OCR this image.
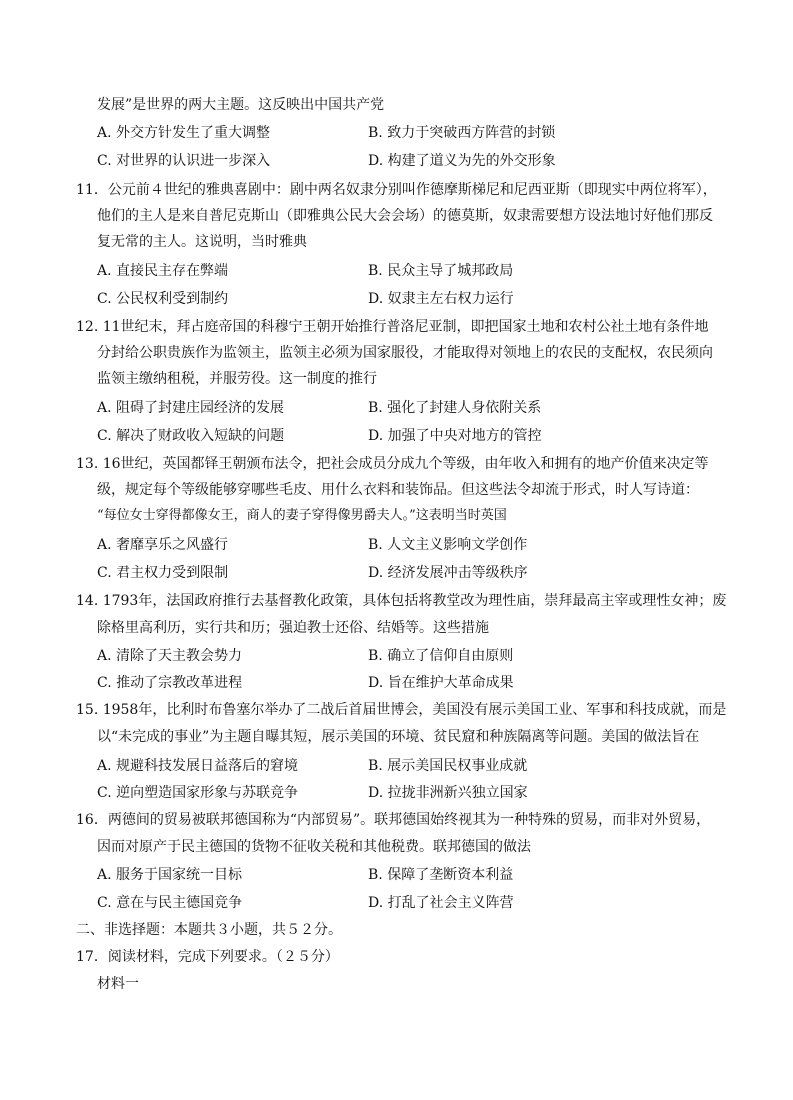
发展”是世界的两大主题。这反映出中国共产党
A. 外交方针发生了重大调整	B. 致力于突破西方阵营的封锁
C. 对世界的认识进一步深入	D. 构建了道义为先的外交形象
11．公元前４世纪的雅典喜剧中：剧中两名奴隶分别叫作德摩斯梯尼和尼西亚斯（即现实中两位将军），
他们的主人是来自普尼克斯山（即雅典公民大会会场）的德莫斯，奴隶需要想方设法地讨好他们那反
复无常的主人。这说明，当时雅典
A. 直接民主存在弊端	B. 民众主导了城邦政局
C. 公民权利受到制约	D. 奴隶主左右权力运行
12. 11世纪末，拜占庭帝国的科穆宁王朝开始推行普洛尼亚制，即把国家土地和农村公社土地有条件地
分封给公职贵族作为监领主，监领主必须为国家服役，才能取得对领地上的农民的支配权，农民须向
监领主缴纳租税，并服劳役。这一制度的推行
A. 阻碍了封建庄园经济的发展	B. 强化了封建人身依附关系
C. 解决了财政收入短缺的问题	D. 加强了中央对地方的管控
13. 16世纪，英国都铎王朝颁布法令，把社会成员分成九个等级，由年收入和拥有的地产价值来决定等
级，规定每个等级能够穿哪些毛皮、用什么衣料和装饰品。但这些法令却流于形式，时人写诗道：
“每位女士穿得都像女王，商人的妻子穿得像男爵夫人。”这表明当时英国
A. 奢靡享乐之风盛行	B. 人文主义影响文学创作
C. 君主权力受到限制	D. 经济发展冲击等级秩序
14. 1793年，法国政府推行去基督教化政策，具体包括将教堂改为理性庙，崇拜最高主宰或理性女神；废
除格里高利历，实行共和历；强迫教士还俗、结婚等。这些措施
A. 清除了天主教会势力	B. 确立了信仰自由原则
C. 推动了宗教改革进程	D. 旨在维护大革命成果
15. 1958年，比利时布鲁塞尔举办了二战后首届世博会，美国没有展示美国工业、军事和科技成就，而是
以“未完成的事业”为主题自曝其短，展示美国的环境、贫民窟和种族隔离等问题。美国的做法旨在
A. 规避科技发展日益落后的窘境	B. 展示美国民权事业成就
C. 逆向塑造国家形象与苏联竞争	D. 拉拢非洲新兴独立国家
16．两德间的贸易被联邦德国称为“内部贸易”。联邦德国始终视其为一种特殊的贸易，而非对外贸易，
因而对原产于民主德国的货物不征收关税和其他税费。联邦德国的做法
A. 服务于国家统一目标	B. 保障了垄断资本利益
C. 意在与民主德国竞争	D. 打乱了社会主义阵营
二、非选择题：本题共３小题，共５２分。
17．阅读材料，完成下列要求。（２５分）
材料一
